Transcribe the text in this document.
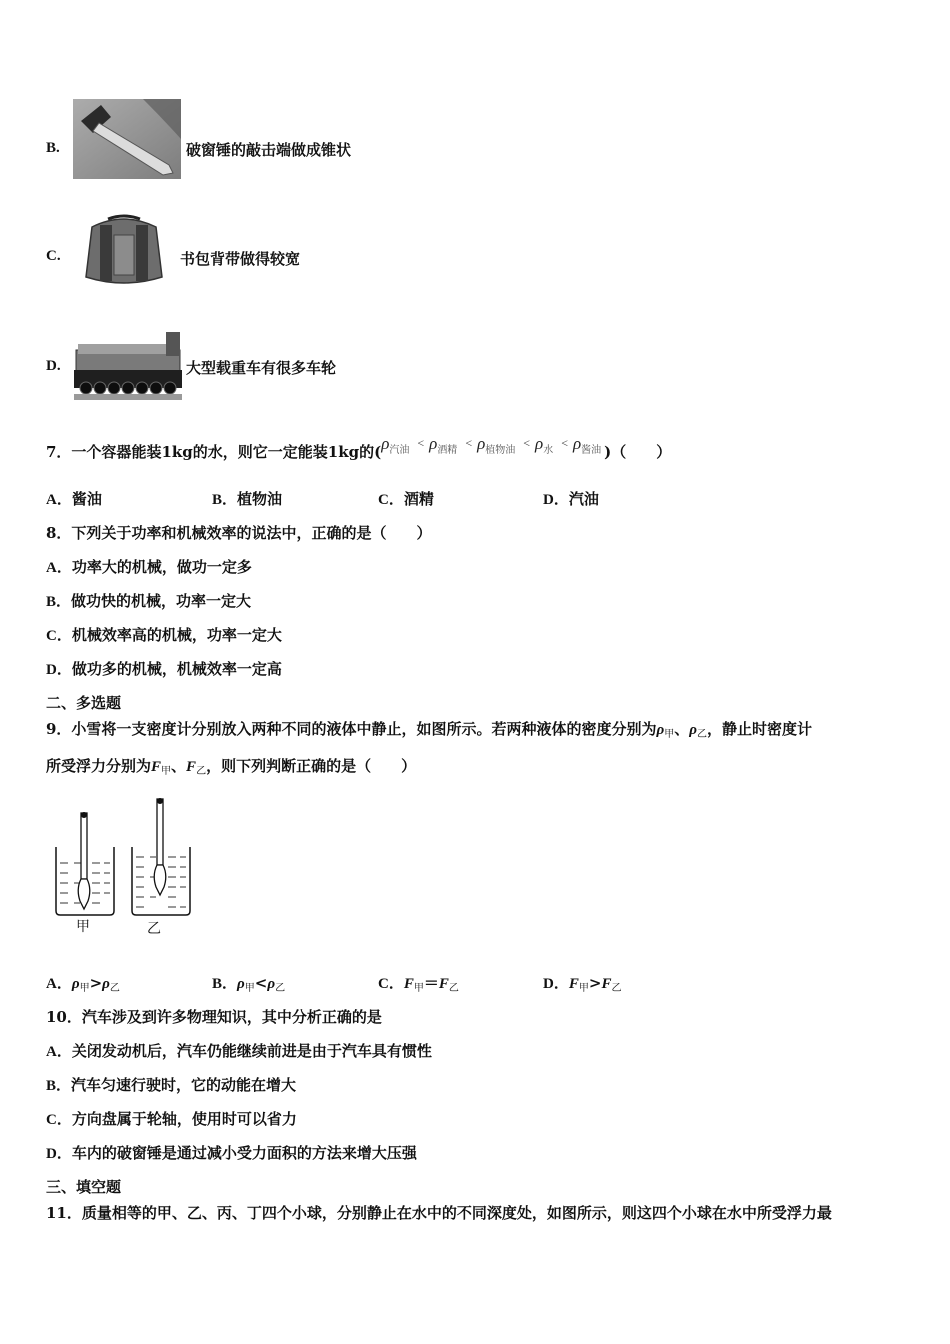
B.	破窗锤的敲击端做成锥状
C.	书包背带做得较宽
D.	大型载重车有很多车轮
7．一个容器能装1kg的水，则它一定能装1kg的($\rho_{汽油}< \rho_{酒精}< \rho_{植物油}< \rho_水< \rho_{酱油}$ )（　　）
A．酱油	B．植物油	C．酒精	D．汽油
8．下列关于功率和机械效率的说法中，正确的是（　　）
A．功率大的机械，做功一定多
B．做功快的机械，功率一定大
C．机械效率高的机械，功率一定大
D．做功多的机械，机械效率一定高
二、多选题
9．小雪将一支密度计分别放入两种不同的液体中静止，如图所示。若两种液体的密度分别为$\rho_甲$、$\rho_乙$，静止时密度计
所受浮力分别为$F_甲$、$F_乙$，则下列判断正确的是（　　）
甲	乙
A．$\rho_甲>\rho_乙$	B．$\rho_甲<\rho_乙$	C．$F_甲=F_乙$	D．$F_甲>F_乙$
10．汽车涉及到许多物理知识，其中分析正确的是
A．关闭发动机后，汽车仍能继续前进是由于汽车具有惯性
B．汽车匀速行驶时，它的动能在增大
C．方向盘属于轮轴，使用时可以省力
D．车内的破窗锤是通过减小受力面积的方法来增大压强
三、填空题
11．质量相等的甲、乙、丙、丁四个小球，分别静止在水中的不同深度处，如图所示，则这四个小球在水中所受浮力最
